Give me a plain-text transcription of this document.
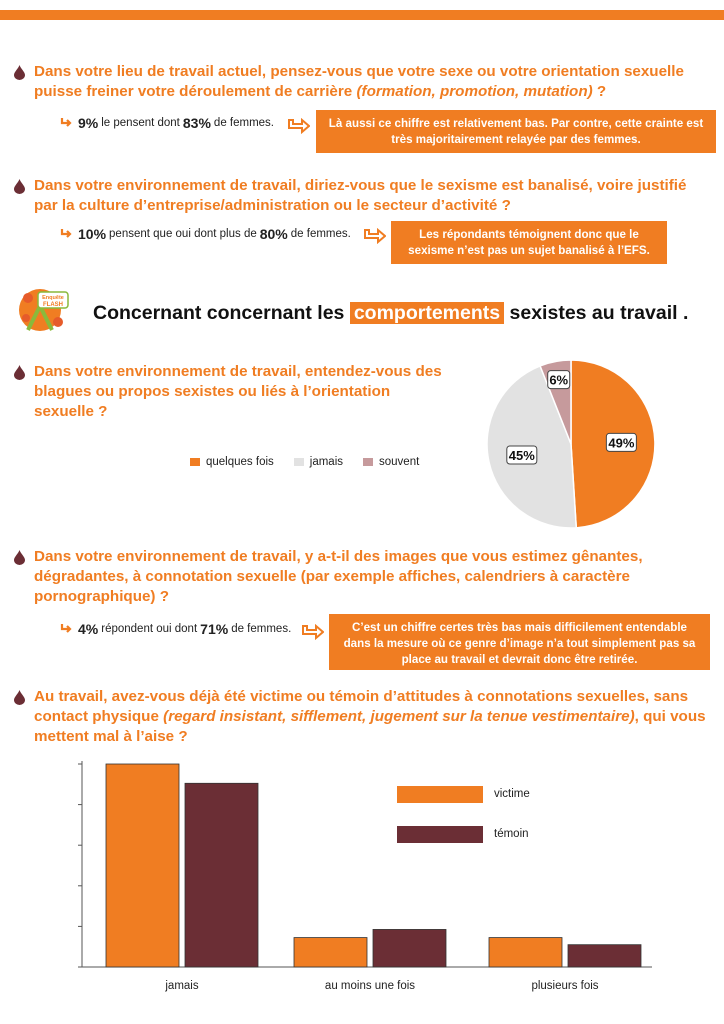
Dans votre lieu de travail actuel, pensez-vous que votre sexe ou votre orientation sexuelle puisse freiner votre déroulement de carrière (formation, promotion, mutation) ?
9% le pensent dont 83% de femmes.	Là aussi ce chiffre est relativement bas. Par contre, cette crainte est très majoritairement relayée par des femmes.
Dans votre environnement de travail, diriez-vous que le sexisme est banalisé, voire justifié par la culture d’entreprise/administration ou le secteur d’activité ?
10% pensent que oui dont plus de 80% de femmes.	Les répondants témoignent donc que le sexisme n’est pas un sujet banalisé à l’EFS.
Enquête
FLASH Concernant concernant les comportements sexistes au travail .
Dans votre environnement de travail, entendez-vous des blagues ou propos sexistes ou liés à l’orientation sexuelle ?
quelques fois	jamais	souvent
49%
45%
6%
Dans votre environnement de travail, y a-t-il des images que vous estimez gênantes, dégradantes, à connotation sexuelle (par exemple affiches, calendriers à caractère pornographique) ?
4% répondent oui dont 71% de femmes.	C’est un chiffre certes très bas mais difficilement entendable dans la mesure où ce genre d’image n’a tout simplement pas sa place au travail et devrait donc être retirée.
Au travail, avez-vous déjà été victime ou témoin d’attitudes à connotations sexuelles, sans contact physique (regard insistant, sifflement, jugement sur la tenue vestimentaire), qui vous mettent mal à l’aise ?
jamais	au moins une fois	plusieurs fois
victime
témoin
